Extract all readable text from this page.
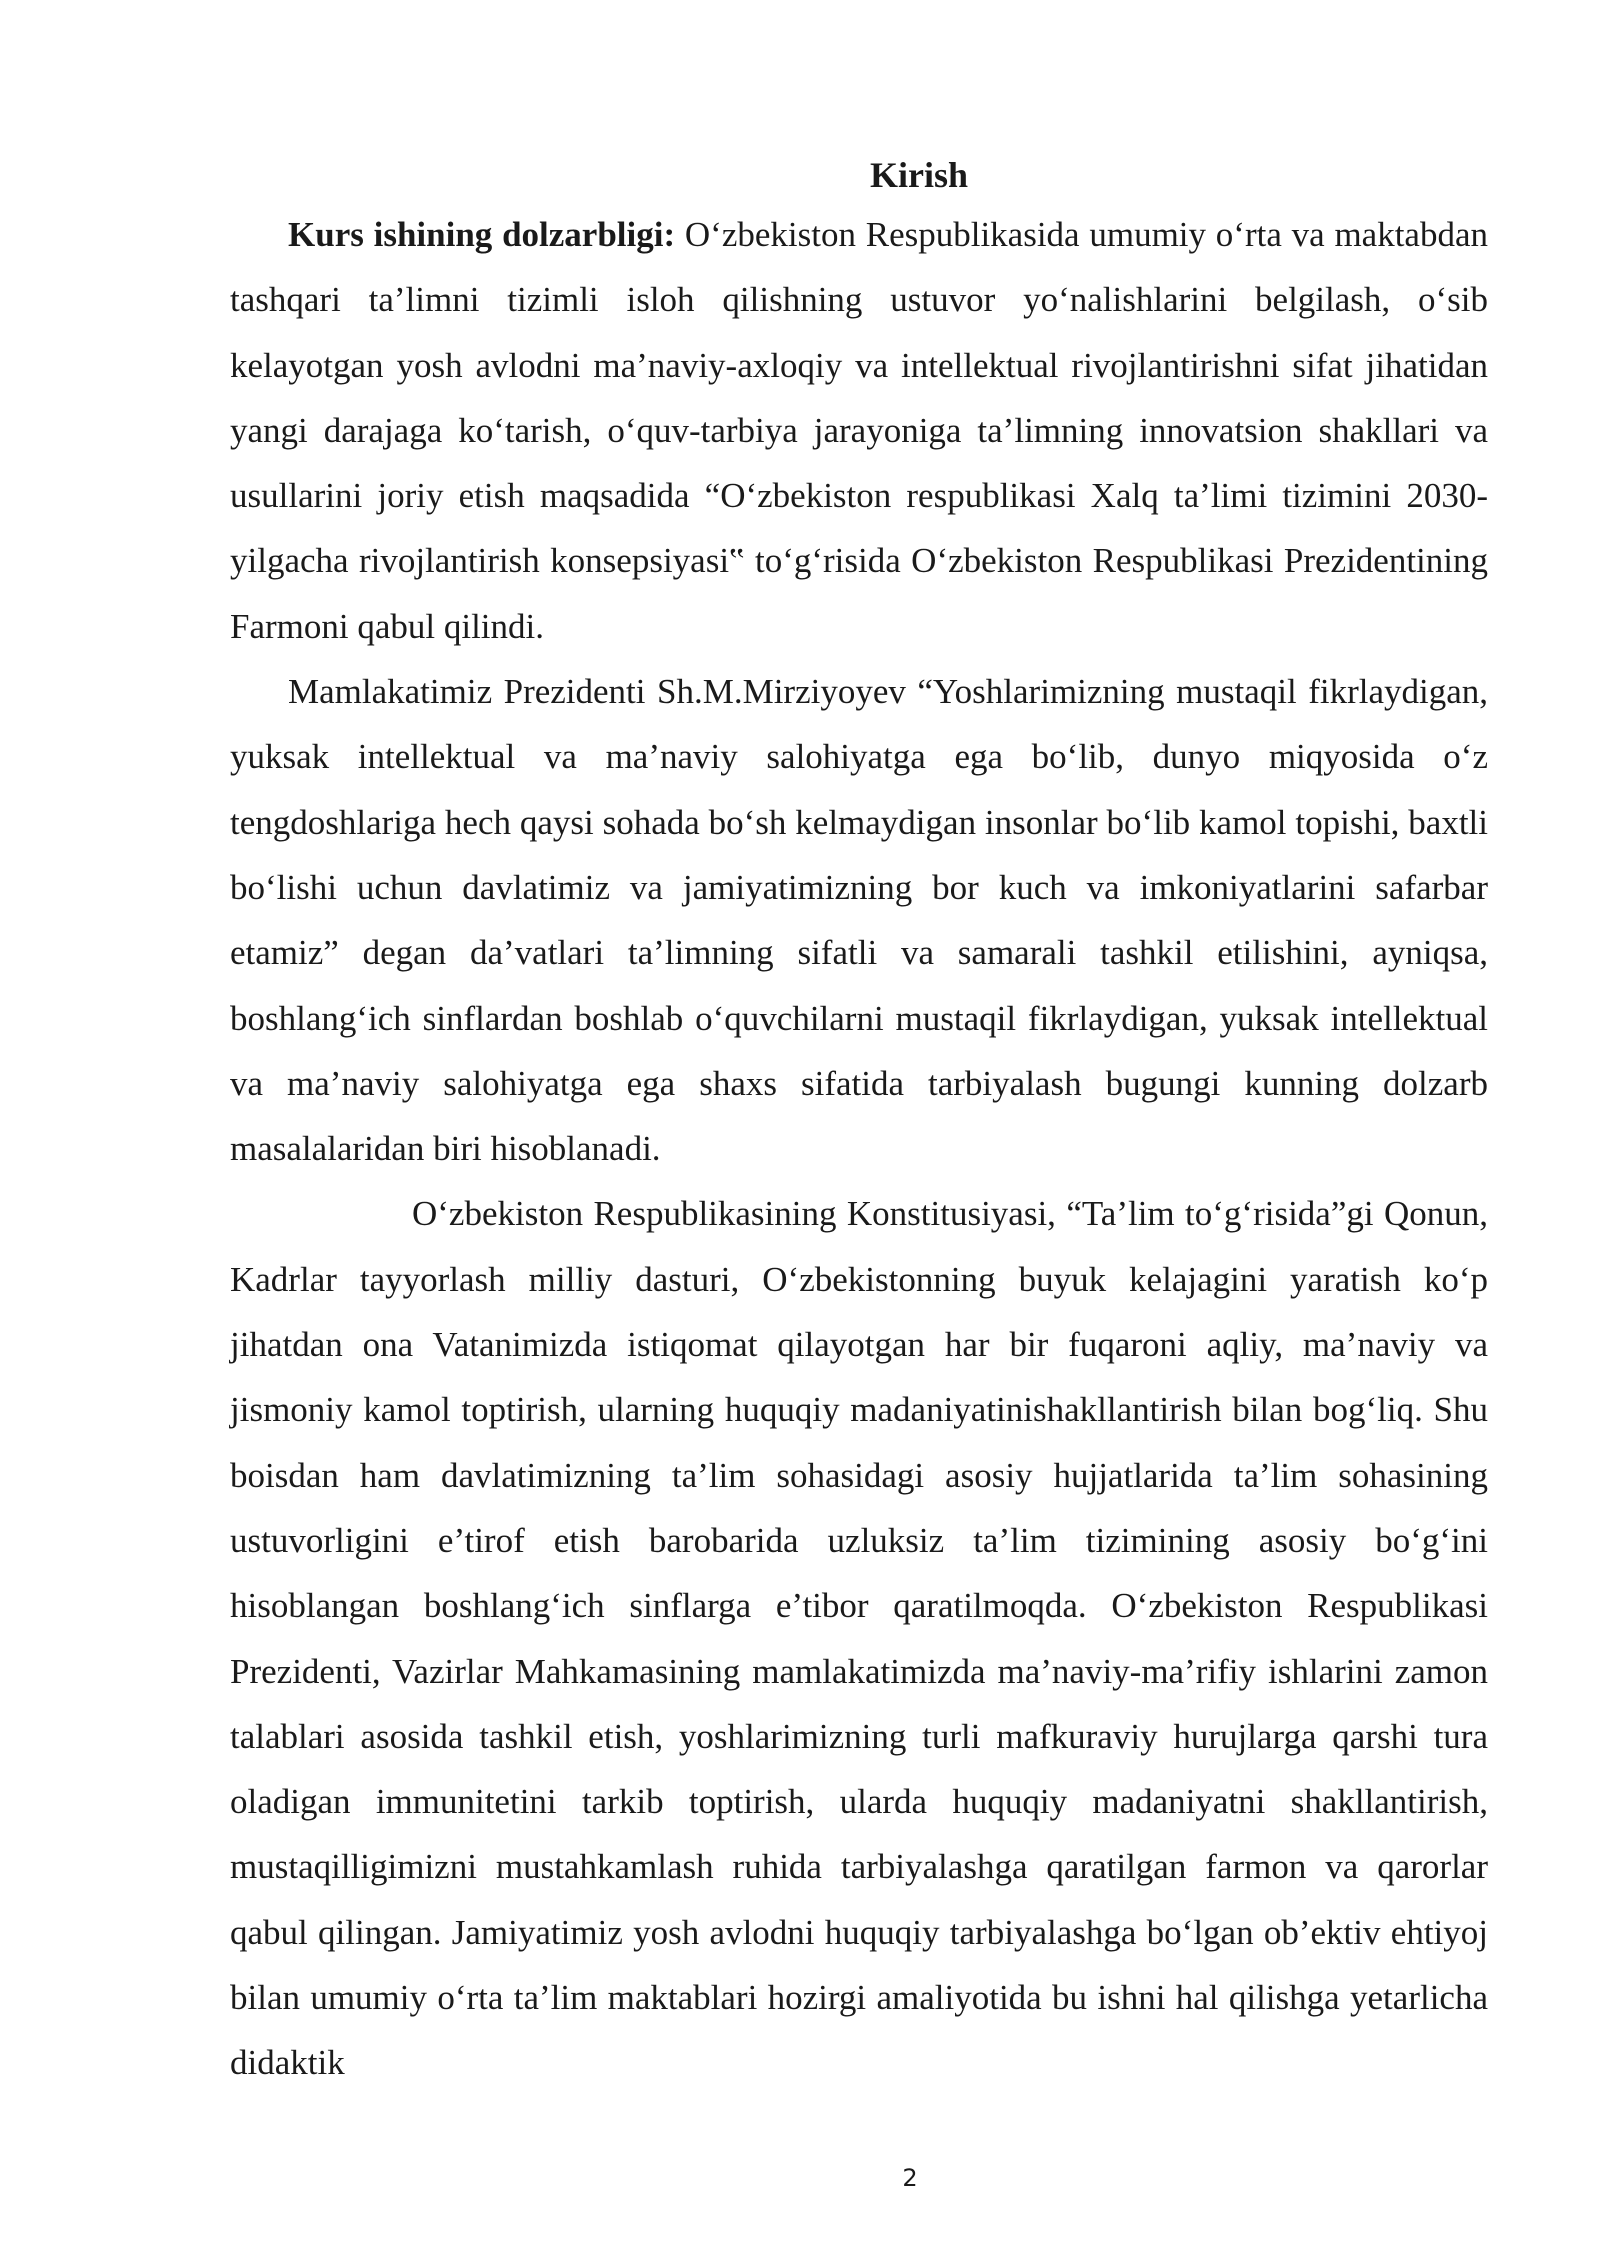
Kirish

Kurs ishining dolzarbligi: O‘zbekiston Respublikasida umumiy o‘rta va maktabdan tashqari ta’limni tizimli isloh qilishning ustuvor yo‘nalishlarini belgilash, o‘sib kelayotgan yosh avlodni ma’naviy-axloqiy va intellektual rivojlantirishni sifat jihatidan yangi darajaga ko‘tarish, o‘quv-tarbiya jarayoniga ta’limning innovatsion shakllari va usullarini joriy etish maqsadida “O‘zbekiston respublikasi Xalq ta’limi tizimini 2030-yilgacha rivojlantirish konsepsiyasi‟ to‘g‘risida O‘zbekiston Respublikasi Prezidentining Farmoni qabul qilindi.

Mamlakatimiz Prezidenti Sh.M.Mirziyoyev “Yoshlarimizning mustaqil fikrlaydigan, yuksak intellektual va ma’naviy salohiyatga ega bo‘lib, dunyo miqyosida o‘z tengdoshlariga hech qaysi sohada bo‘sh kelmaydigan insonlar bo‘lib kamol topishi, baxtli bo‘lishi uchun davlatimiz va jamiyatimizning bor kuch va imkoniyatlarini safarbar etamiz” degan da’vatlari ta’limning sifatli va samarali tashkil etilishini, ayniqsa, boshlang‘ich sinflardan boshlab o‘quvchilarni mustaqil fikrlaydigan, yuksak intellektual va ma’naviy salohiyatga ega shaxs sifatida tarbiyalash bugungi kunning dolzarb masalalaridan biri hisoblanadi.

O‘zbekiston Respublikasining Konstitusiyasi, “Ta’lim to‘g‘risida”gi Qonun, Kadrlar tayyorlash milliy dasturi, O‘zbekistonning buyuk kelajagini yaratish ko‘p jihatdan ona Vatanimizda istiqomat qilayotgan har bir fuqaroni aqliy, ma’naviy va jismoniy kamol toptirish, ularning huquqiy madaniyatinishakllantirish bilan bog‘liq. Shu boisdan ham davlatimizning ta’lim sohasidagi asosiy hujjatlarida ta’lim sohasining ustuvorligini e’tirof etish barobarida uzluksiz ta’lim tizimining asosiy bo‘g‘ini hisoblangan boshlang‘ich sinflarga e’tibor qaratilmoqda. O‘zbekiston Respublikasi Prezidenti, Vazirlar Mahkamasining mamlakatimizda ma’naviy-ma’rifiy ishlarini zamon talablari asosida tashkil etish, yoshlarimizning turli mafkuraviy hurujlarga qarshi tura oladigan immunitetini tarkib toptirish, ularda huquqiy madaniyatni shakllantirish, mustaqilligimizni mustahkamlash ruhida tarbiyalashga qaratilgan farmon va qarorlar qabul qilingan. Jamiyatimiz yosh avlodni huquqiy tarbiyalashga bo‘lgan ob’ektiv ehtiyoj bilan umumiy o‘rta ta’lim maktablari hozirgi amaliyotida bu ishni hal qilishga yetarlicha didaktik

2
